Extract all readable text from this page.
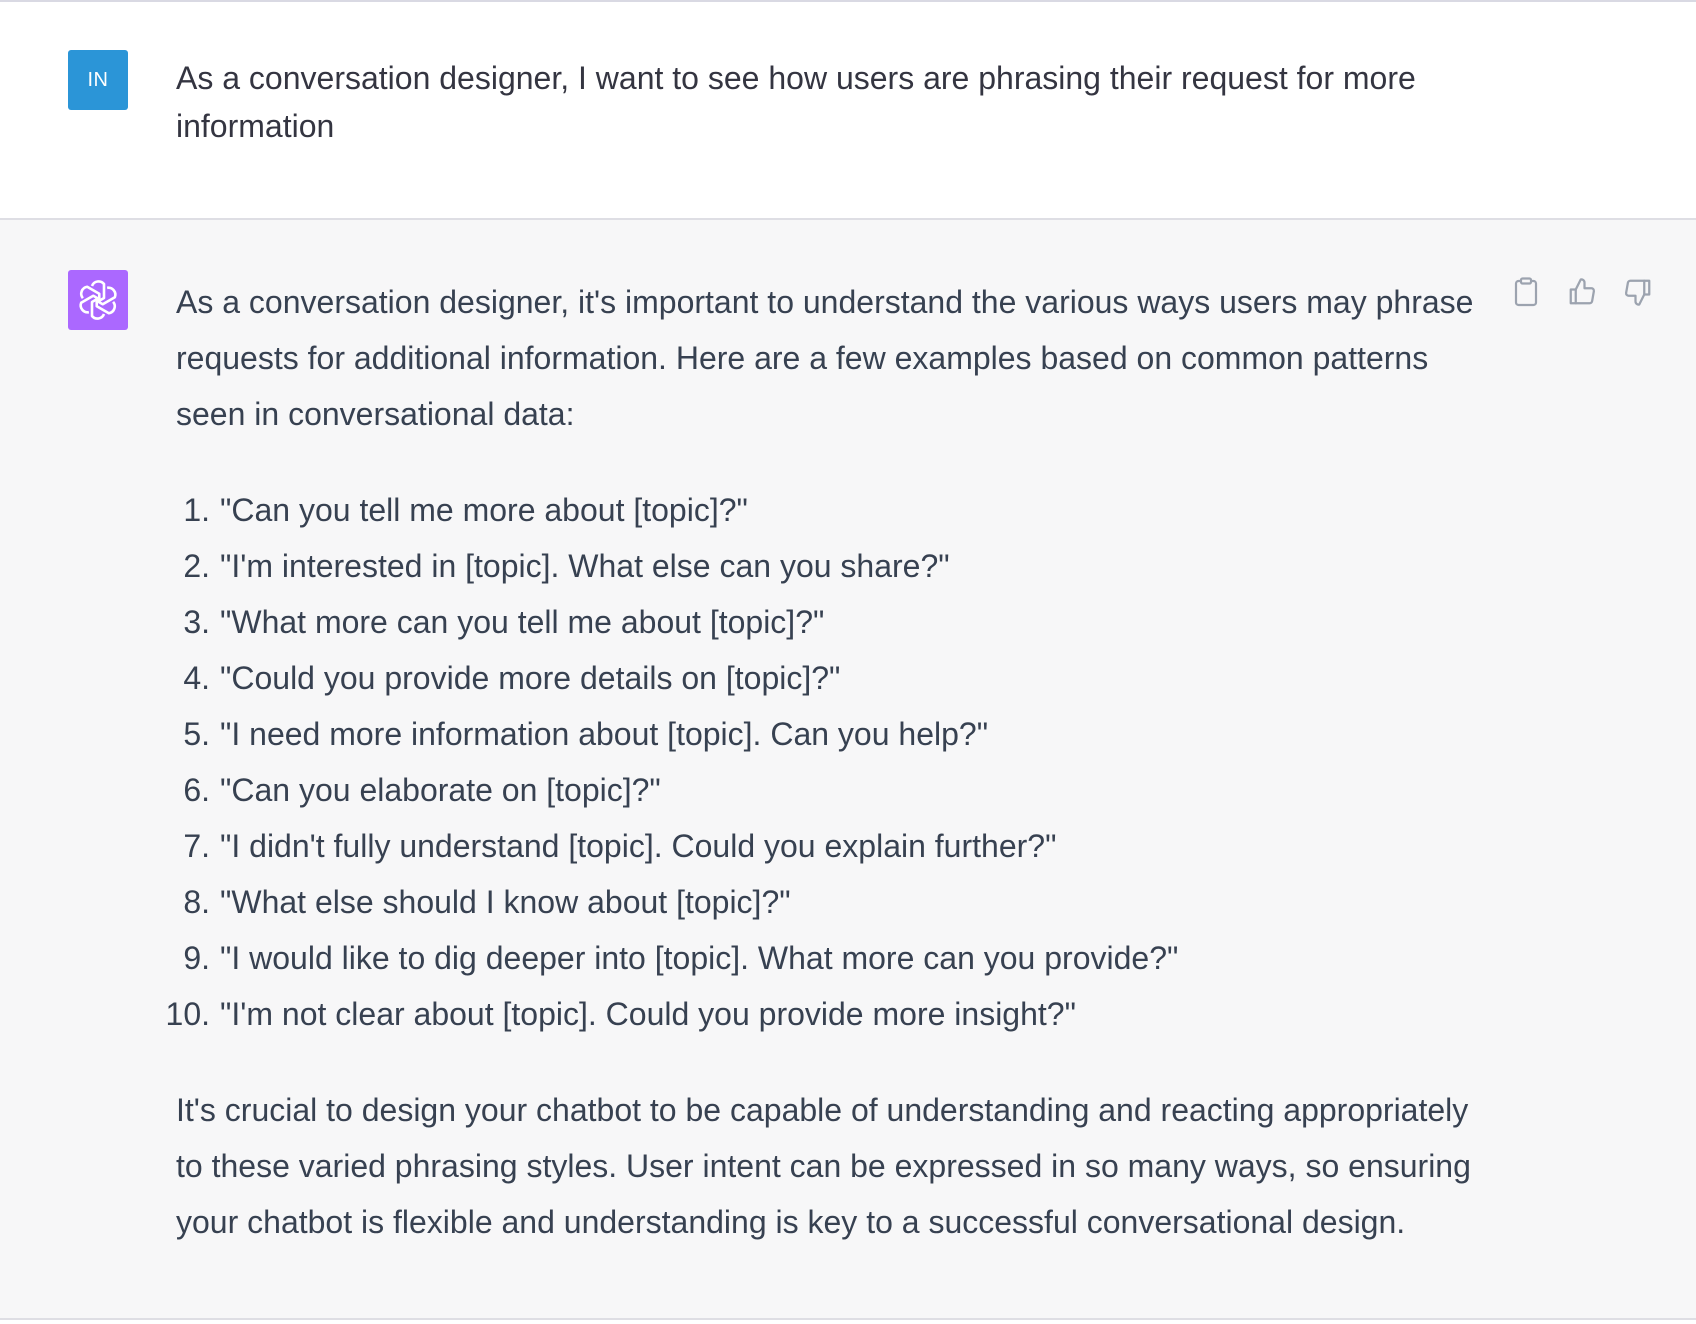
IN As a conversation designer, I want to see how users are phrasing their request for more information

As a conversation designer, it's important to understand the various ways users may phrase requests for additional information. Here are a few examples based on common patterns seen in conversational data:

1. "Can you tell me more about [topic]?"
2. "I'm interested in [topic]. What else can you share?"
3. "What more can you tell me about [topic]?"
4. "Could you provide more details on [topic]?"
5. "I need more information about [topic]. Can you help?"
6. "Can you elaborate on [topic]?"
7. "I didn't fully understand [topic]. Could you explain further?"
8. "What else should I know about [topic]?"
9. "I would like to dig deeper into [topic]. What more can you provide?"
10. "I'm not clear about [topic]. Could you provide more insight?"

It's crucial to design your chatbot to be capable of understanding and reacting appropriately to these varied phrasing styles. User intent can be expressed in so many ways, so ensuring your chatbot is flexible and understanding is key to a successful conversational design.
